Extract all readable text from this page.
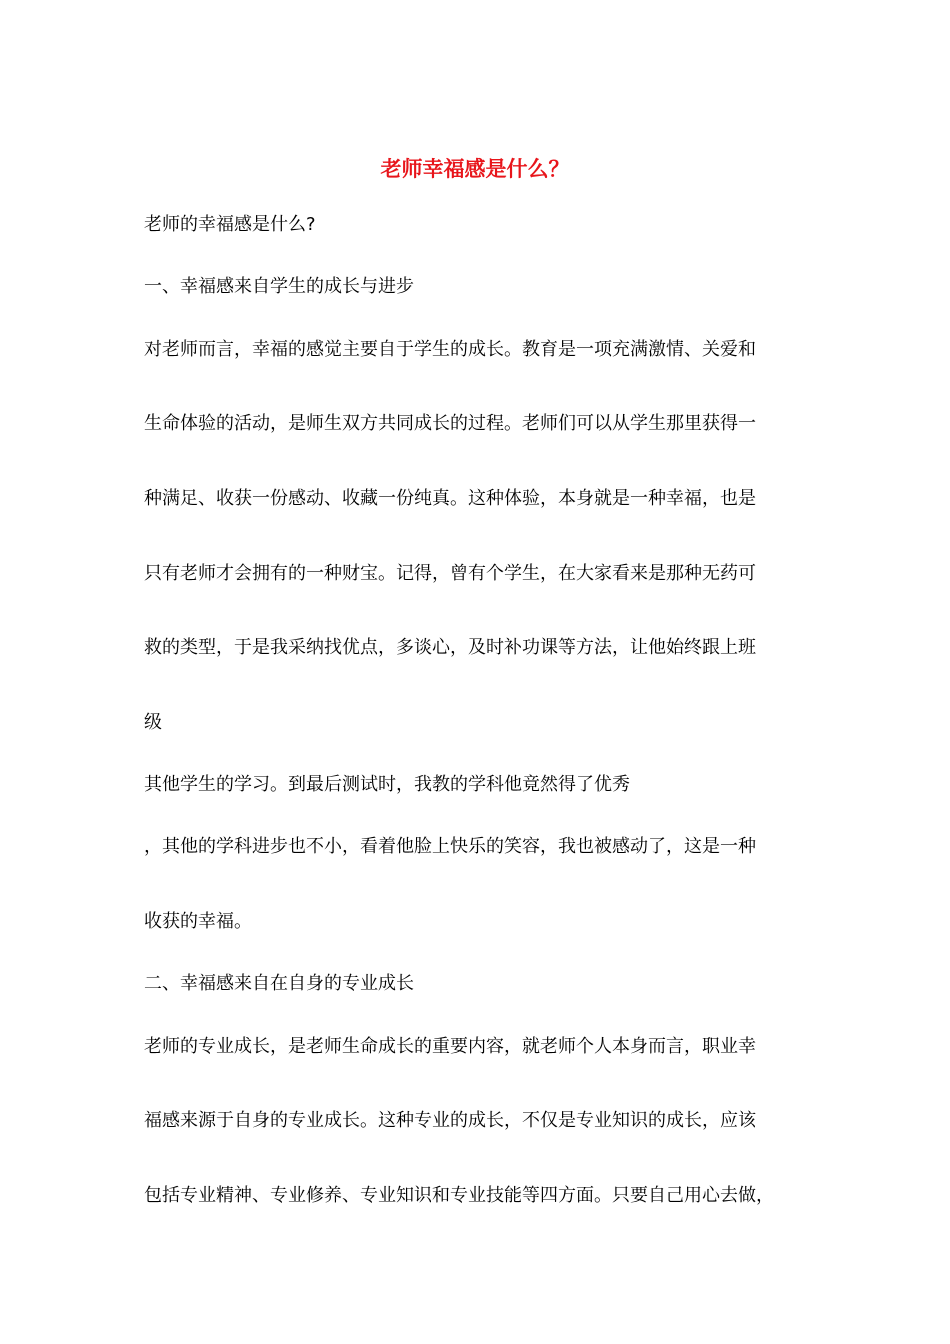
老师幸福感是什么？

老师的幸福感是什么?

一、幸福感来自学生的成长与进步

对老师而言，幸福的感觉主要自于学生的成长。教育是一项充满激情、关爱和

生命体验的活动，是师生双方共同成长的过程。老师们可以从学生那里获得一

种满足、收获一份感动、收藏一份纯真。这种体验，本身就是一种幸福，也是

只有老师才会拥有的一种财宝。记得，曾有个学生，在大家看来是那种无药可

救的类型，于是我采纳找优点，多谈心，及时补功课等方法，让他始终跟上班

级

其他学生的学习。到最后测试时，我教的学科他竟然得了优秀

，其他的学科进步也不小，看着他脸上快乐的笑容，我也被感动了，这是一种

收获的幸福。

二、幸福感来自在自身的专业成长

老师的专业成长，是老师生命成长的重要内容，就老师个人本身而言，职业幸

福感来源于自身的专业成长。这种专业的成长，不仅是专业知识的成长，应该

包括专业精神、专业修养、专业知识和专业技能等四方面。只要自己用心去做，
